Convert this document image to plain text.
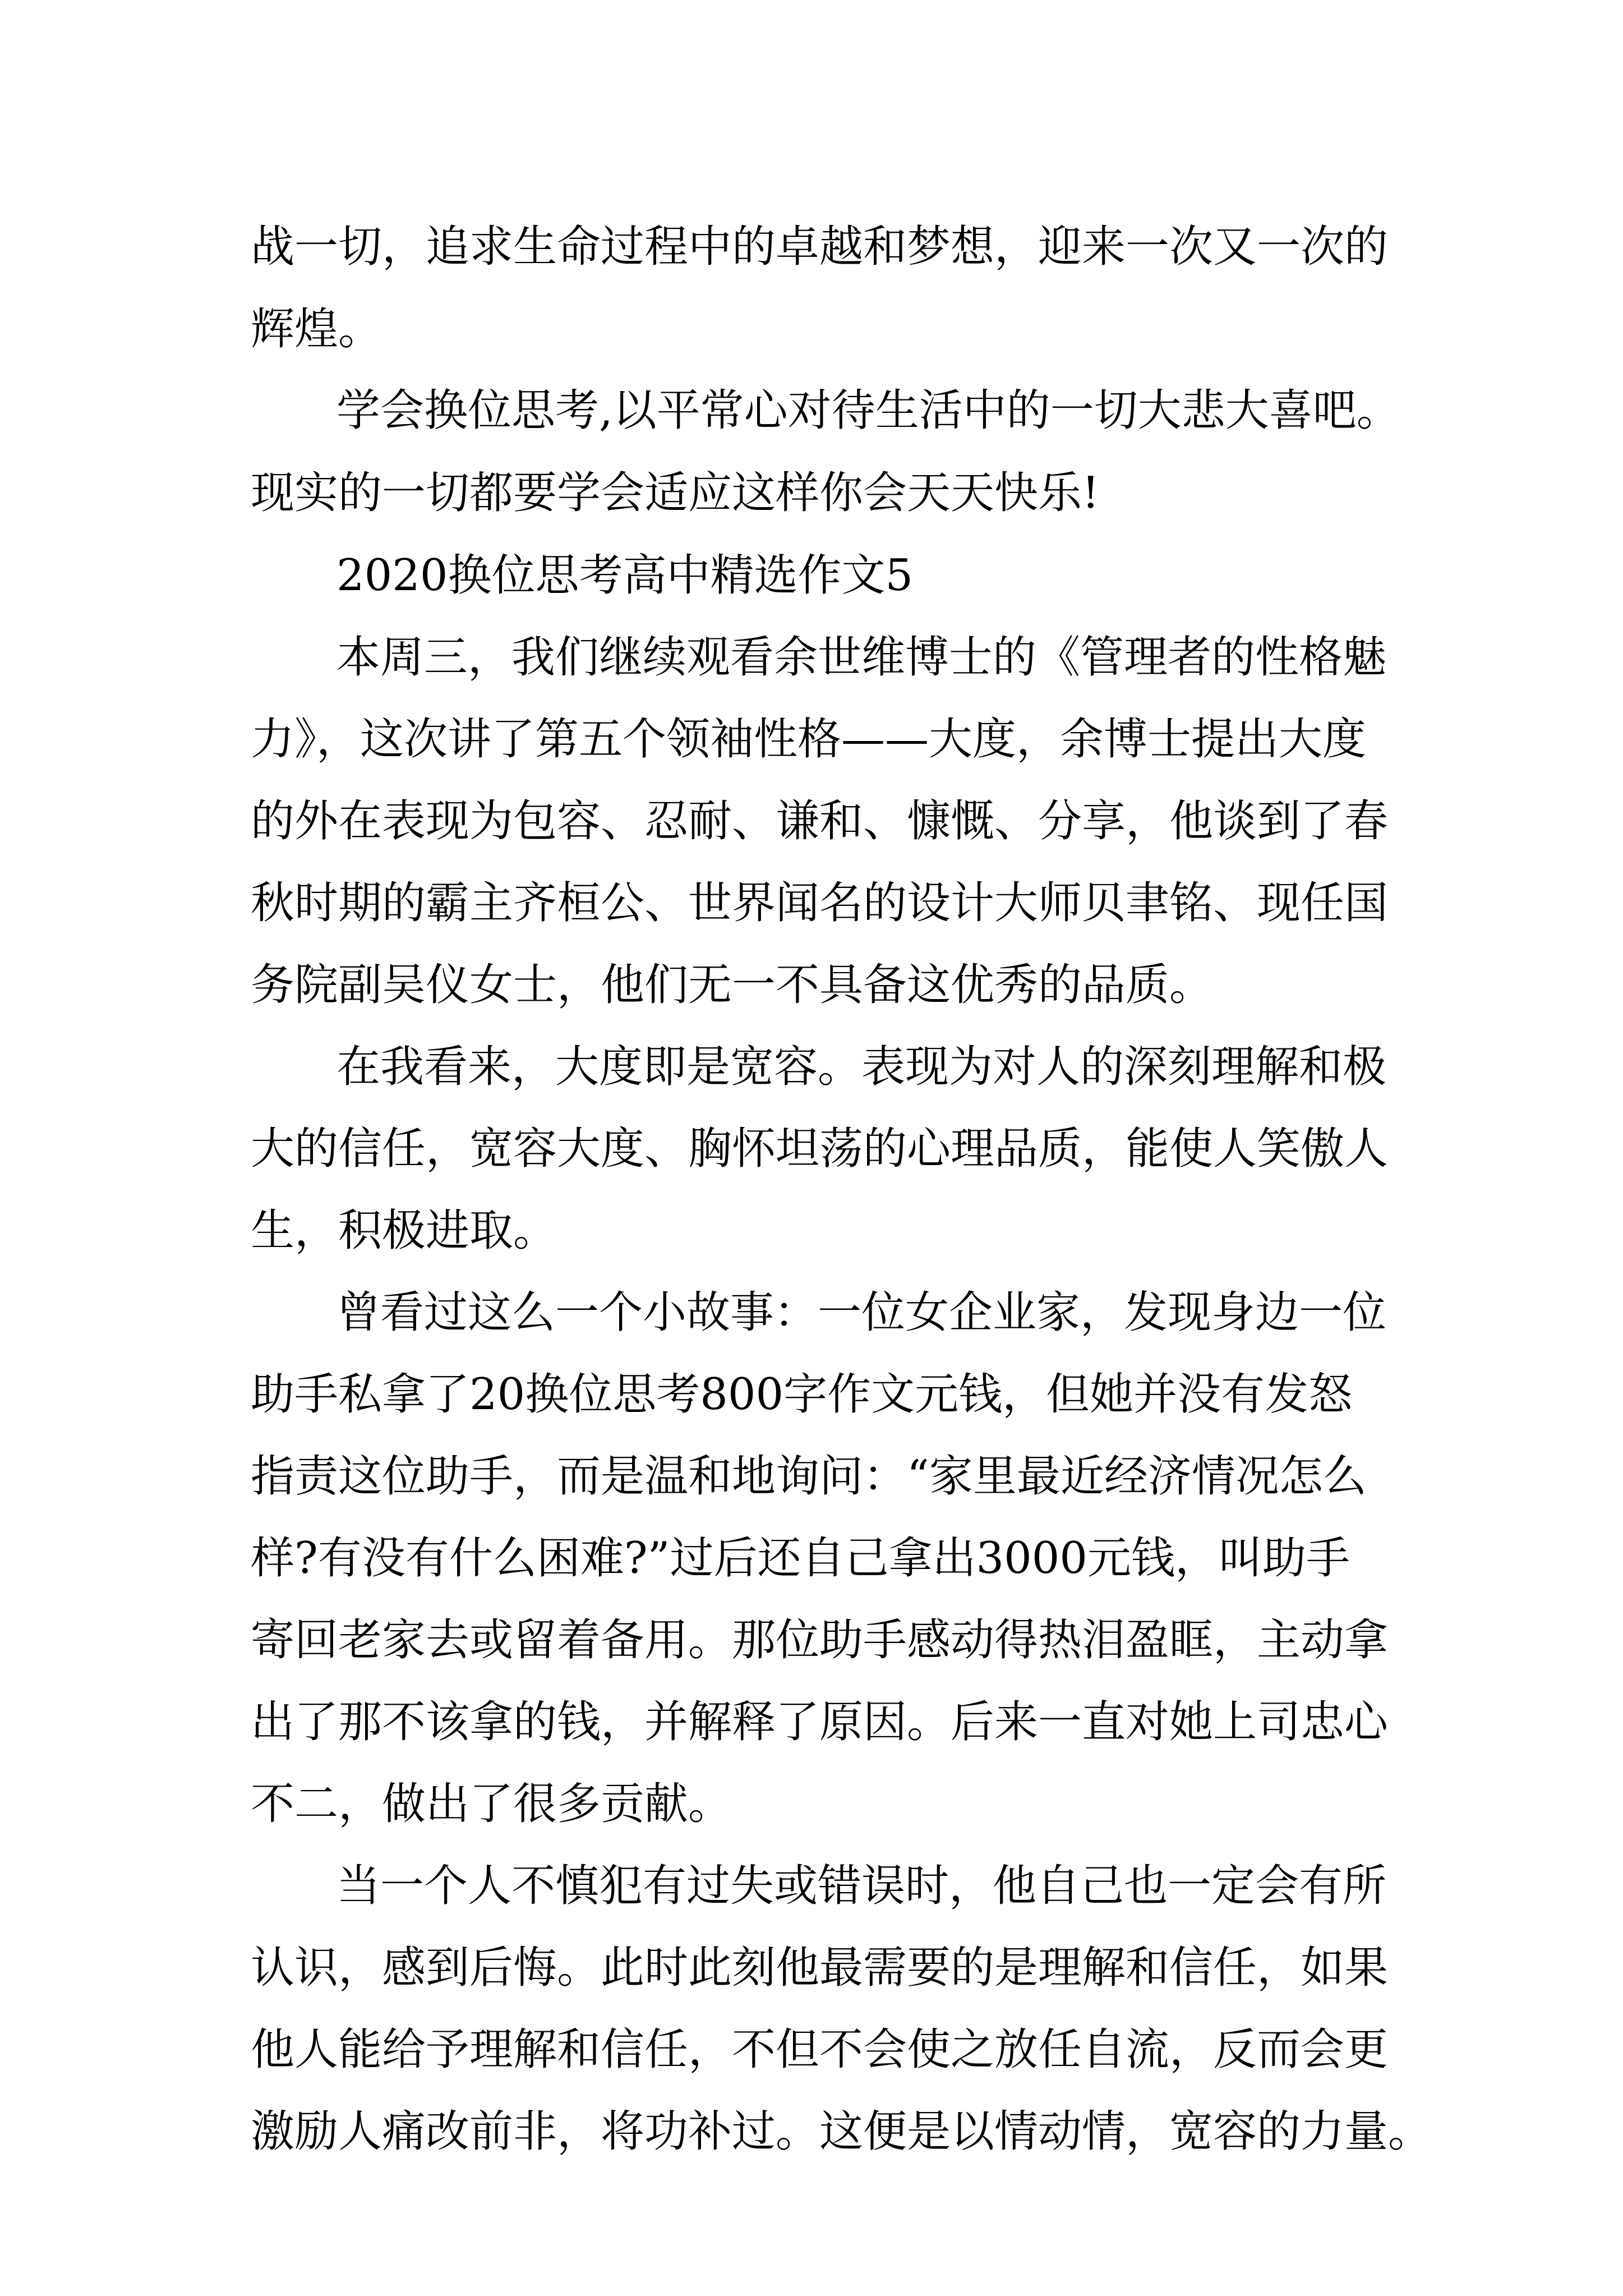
战一切，追求生命过程中的卓越和梦想，迎来一次又一次的
辉煌。
学会换位思考,以平常心对待生活中的一切大悲大喜吧。
现实的一切都要学会适应这样你会天天快乐!
2020换位思考高中精选作文5
本周三，我们继续观看余世维博士的《管理者的性格魅
力》，这次讲了第五个领袖性格——大度，余博士提出大度
的外在表现为包容、忍耐、谦和、慷慨、分享，他谈到了春
秋时期的霸主齐桓公、世界闻名的设计大师贝聿铭、现任国
务院副吴仪女士，他们无一不具备这优秀的品质。
在我看来，大度即是宽容。表现为对人的深刻理解和极
大的信任，宽容大度、胸怀坦荡的心理品质，能使人笑傲人
生，积极进取。
曾看过这么一个小故事：一位女企业家，发现身边一位
助手私拿了20换位思考800字作文元钱，但她并没有发怒
指责这位助手，而是温和地询问：“家里最近经济情况怎么
样?有没有什么困难?”过后还自己拿出3000元钱，叫助手
寄回老家去或留着备用。那位助手感动得热泪盈眶，主动拿
出了那不该拿的钱，并解释了原因。后来一直对她上司忠心
不二，做出了很多贡献。
当一个人不慎犯有过失或错误时，他自己也一定会有所
认识，感到后悔。此时此刻他最需要的是理解和信任，如果
他人能给予理解和信任，不但不会使之放任自流，反而会更
激励人痛改前非，将功补过。这便是以情动情，宽容的力量。
